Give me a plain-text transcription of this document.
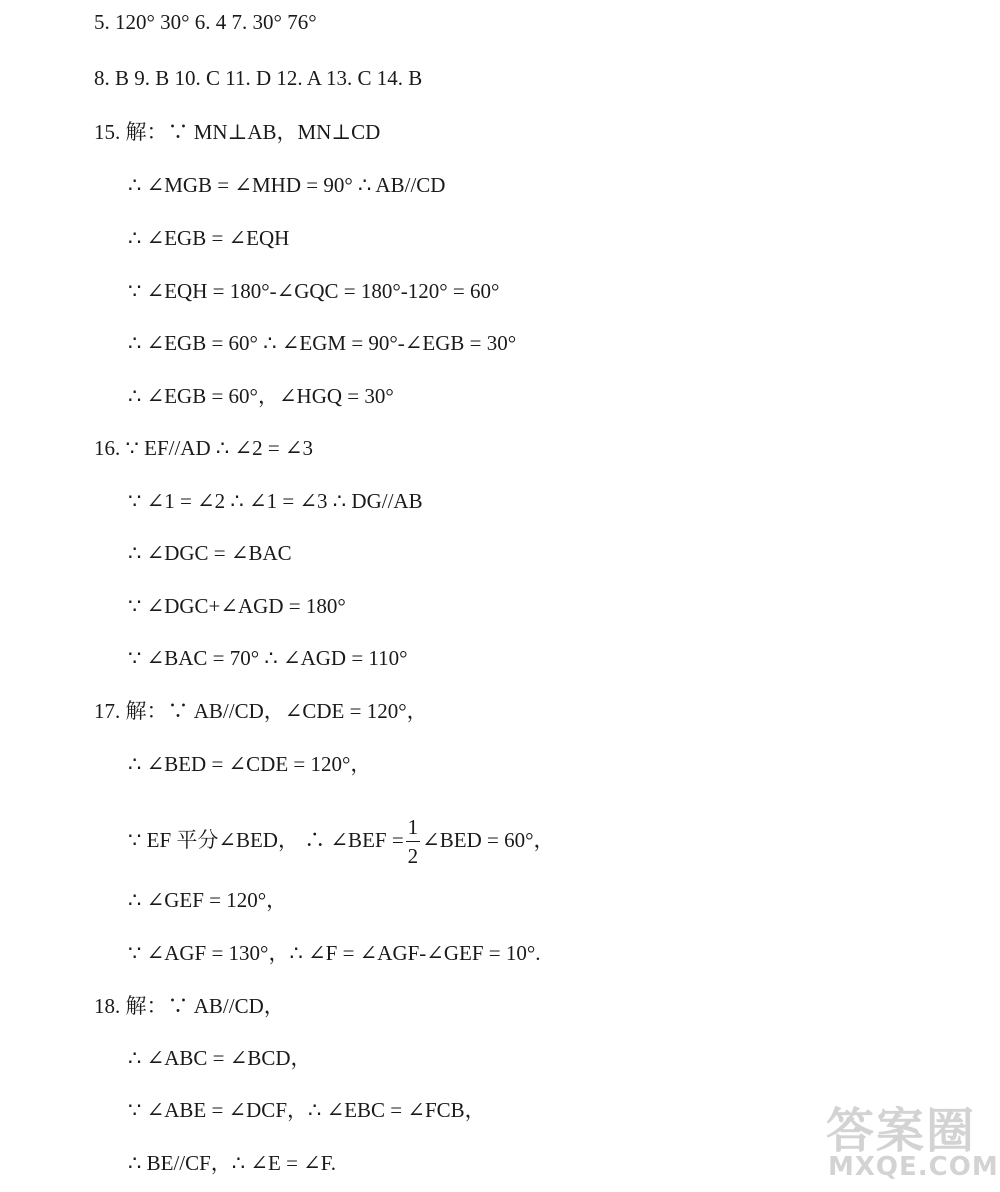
5. 120° 30° 6. 4 7. 30° 76°
8. B 9. B 10. C 11. D 12. A 13. C 14. B
15. 解：∵ MN⊥AB，MN⊥CD
∴ ∠MGB = ∠MHD = 90° ∴ AB//CD
∴ ∠EGB = ∠EQH
∵ ∠EQH = 180°-∠GQC = 180°-120° = 60°
∴ ∠EGB = 60° ∴ ∠EGM = 90°-∠EGB = 30°
∴ ∠EGB = 60°，∠HGQ = 30°
16. ∵ EF//AD ∴ ∠2 = ∠3
∵ ∠1 = ∠2 ∴ ∠1 = ∠3 ∴ DG//AB
∴ ∠DGC = ∠BAC
∵ ∠DGC+∠AGD = 180°
∵ ∠BAC = 70° ∴ ∠AGD = 110°
17. 解：∵ AB//CD，∠CDE = 120°，
∴ ∠BED = ∠CDE = 120°，
∵ EF 平分∠BED， ∴ ∠BEF = $\frac{1}{2}$ ∠BED = 60°，
∴ ∠GEF = 120°，
∵ ∠AGF = 130°，∴ ∠F = ∠AGF-∠GEF = 10°.
18. 解：∵ AB//CD，
∴ ∠ABC = ∠BCD，
∵ ∠ABE = ∠DCF，∴ ∠EBC = ∠FCB，
∴ BE//CF，∴ ∠E = ∠F.
答案圈
MXQE.COM
